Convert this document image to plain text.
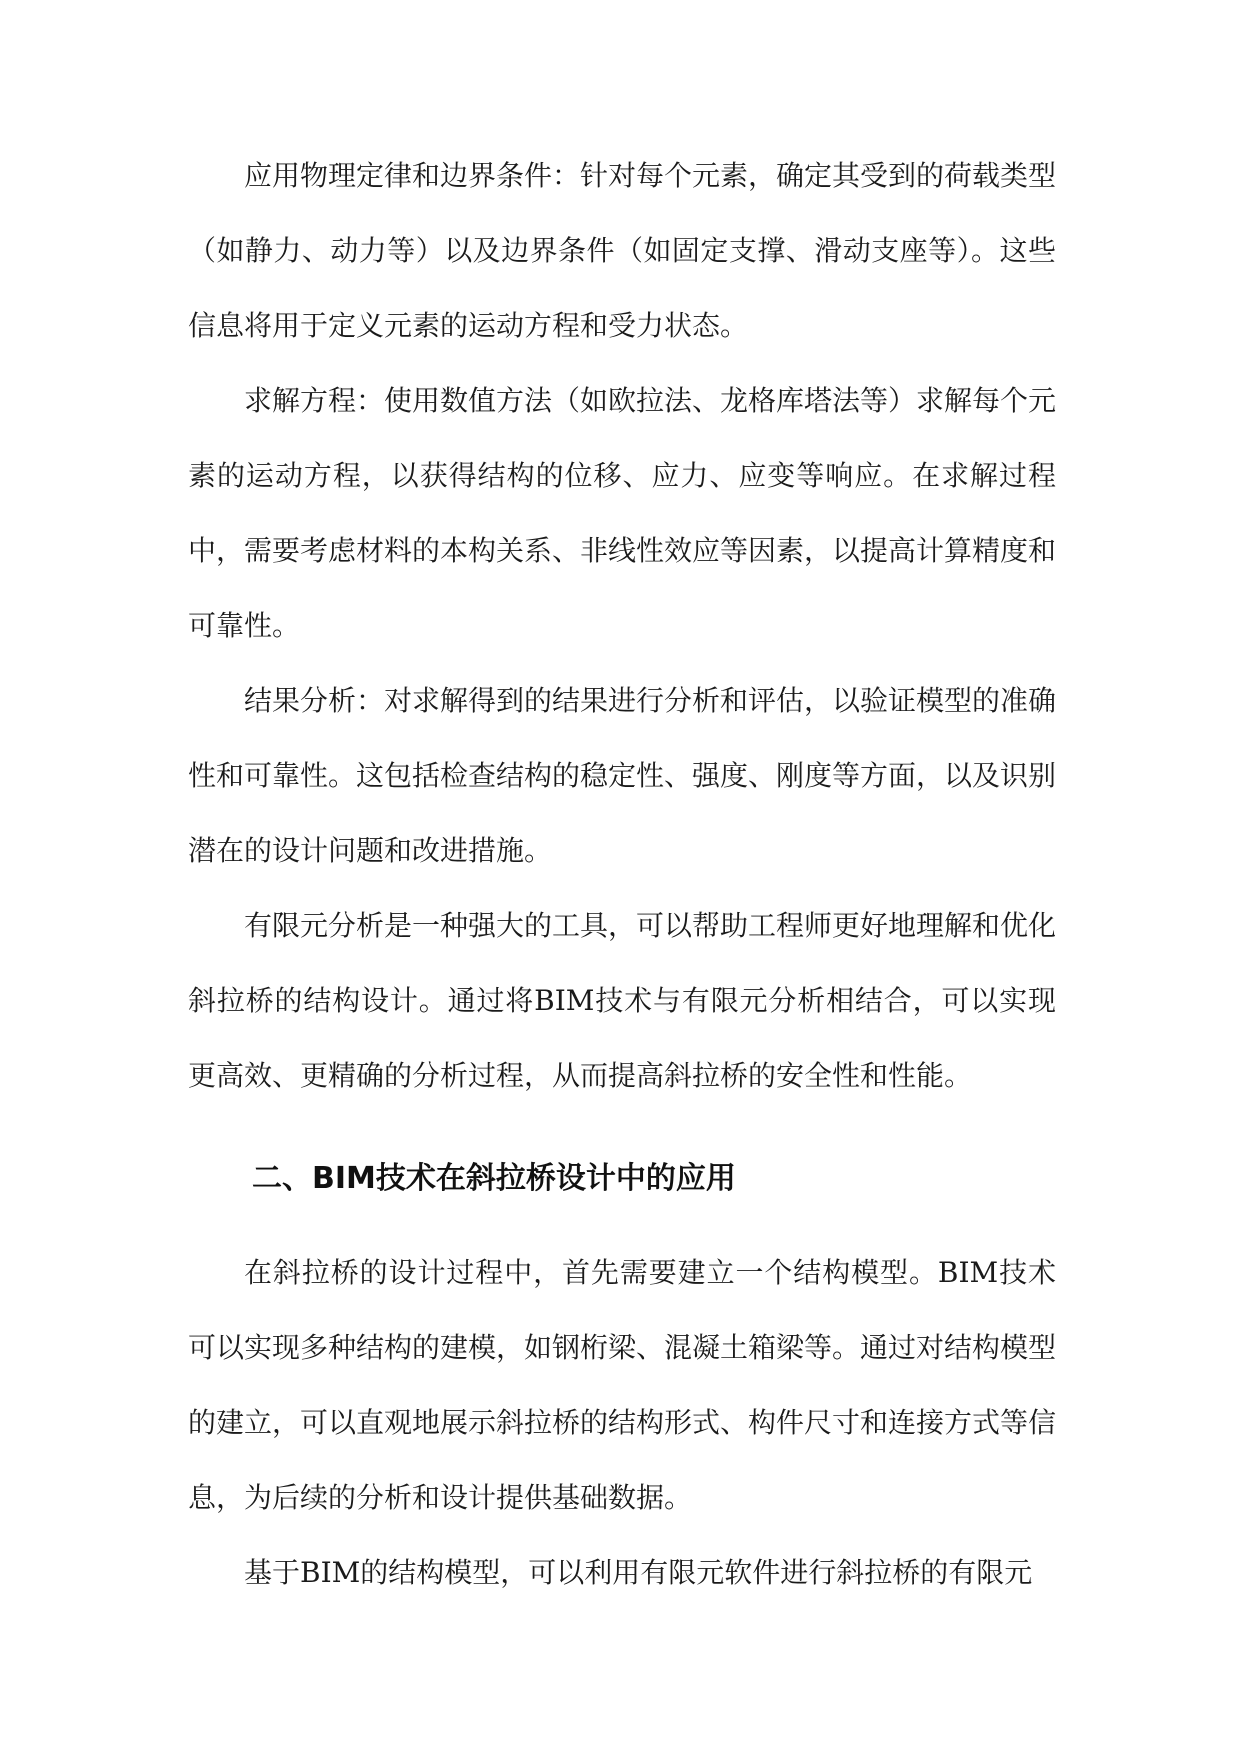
应用物理定律和边界条件：针对每个元素，确定其受到的荷载类型（如静力、动力等）以及边界条件（如固定支撑、滑动支座等）。这些信息将用于定义元素的运动方程和受力状态。

求解方程：使用数值方法（如欧拉法、龙格库塔法等）求解每个元素的运动方程，以获得结构的位移、应力、应变等响应。在求解过程中，需要考虑材料的本构关系、非线性效应等因素，以提高计算精度和可靠性。

结果分析：对求解得到的结果进行分析和评估，以验证模型的准确性和可靠性。这包括检查结构的稳定性、强度、刚度等方面，以及识别潜在的设计问题和改进措施。

有限元分析是一种强大的工具，可以帮助工程师更好地理解和优化斜拉桥的结构设计。通过将BIM技术与有限元分析相结合，可以实现更高效、更精确的分析过程，从而提高斜拉桥的安全性和性能。

二、BIM技术在斜拉桥设计中的应用

在斜拉桥的设计过程中，首先需要建立一个结构模型。BIM技术可以实现多种结构的建模，如钢桁梁、混凝土箱梁等。通过对结构模型的建立，可以直观地展示斜拉桥的结构形式、构件尺寸和连接方式等信息，为后续的分析和设计提供基础数据。

基于BIM的结构模型，可以利用有限元软件进行斜拉桥的有限元
